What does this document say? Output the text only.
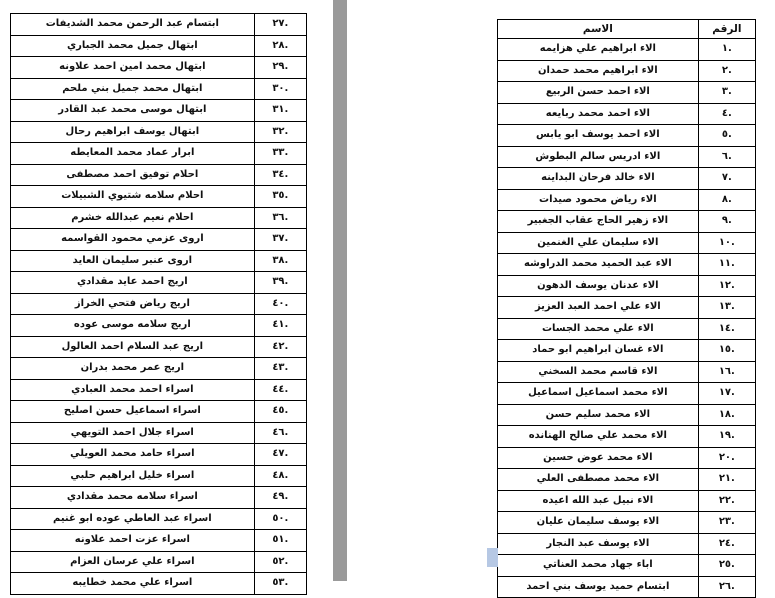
.٢٧	ابتسام عبد الرحمن محمد الشديفات
.٢٨	ابتهال جميل محمد الجباري
.٢٩	ابتهال محمد امين احمد علاونه
.٣٠	ابتهال محمد جميل بني ملحم
.٣١	ابتهال موسى محمد عبد القادر
.٣٢	ابتهال يوسف ابراهيم رحال
.٣٣	ابرار عماد محمد المعايطه
.٣٤	احلام توفيق احمد مصطفى
.٣٥	احلام سلامه شتيوي الشبيلات
.٣٦	احلام نعيم عبدالله خشرم
.٣٧	اروى عزمي محمود القواسمه
.٣٨	اروى عنبر سليمان العايد
.٣٩	اريج احمد عايد مقدادي
.٤٠	اريج رياض فتحي الخراز
.٤١	اريج سلامه موسى عوده
.٤٢	اريج عبد السلام احمد العالول
.٤٣	اريج عمر محمد بدران
.٤٤	اسراء احمد محمد العبادي
.٤٥	اسراء اسماعيل حسن اصليح
.٤٦	اسراء جلال احمد التويهي
.٤٧	اسراء حامد محمد العويلي
.٤٨	اسراء خليل ابراهيم حلبي
.٤٩	اسراء سلامه محمد مقدادي
.٥٠	اسراء عبد العاطي عوده ابو غنيم
.٥١	اسراء عزت احمد علاونه
.٥٢	اسراء علي عرسان العزام
.٥٣	اسراء علي محمد خطايبه
الرقم	الاسم
.١	الاء ابراهيم علي هزايمه
.٢	الاء ابراهيم محمد حمدان
.٣	الاء احمد حسن الربيع
.٤	الاء احمد محمد ربايعه
.٥	الاء احمد يوسف ابو يابس
.٦	الاء ادريس سالم البطوش
.٧	الاء خالد فرحان البداينه
.٨	الاء رياض محمود صيدات
.٩	الاء زهير الحاج عقاب الجغبير
.١٠	الاء سليمان علي الغنمين
.١١	الاء عبد الحميد محمد الدراوشه
.١٢	الاء عدنان يوسف الدهون
.١٣	الاء علي احمد العبد العزيز
.١٤	الاء علي محمد الجسات
.١٥	الاء غسان ابراهيم ابو حماد
.١٦	الاء قاسم محمد السخني
.١٧	الاء محمد اسماعيل اسماعيل
.١٨	الاء محمد سليم حسن
.١٩	الاء محمد علي صالح الهنانده
.٢٠	الاء محمد عوض حسين
.٢١	الاء محمد مصطفى العلي
.٢٢	الاء نبيل عبد الله اعيده
.٢٣	الاء يوسف سليمان عليان
.٢٤	الاء يوسف عبد النجار
.٢٥	اباء جهاد محمد العناتي
.٢٦	ابتسام حميد يوسف بني احمد
